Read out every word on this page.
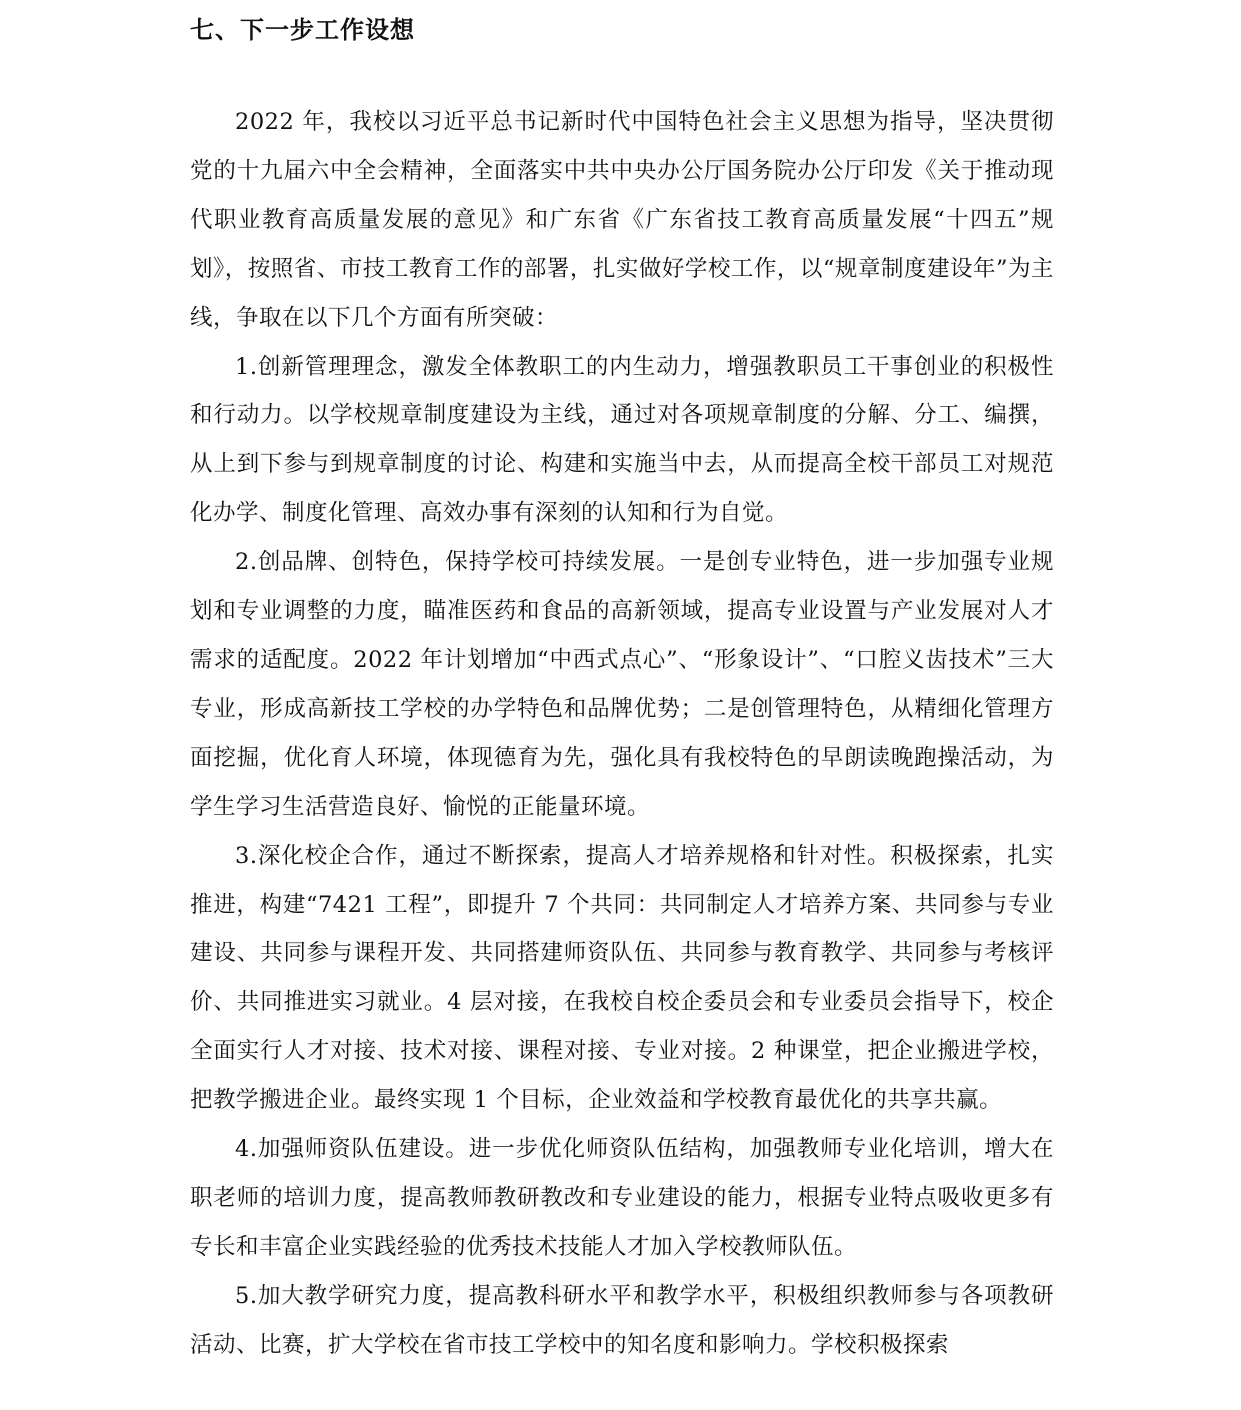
七、下一步工作设想

2022 年，我校以习近平总书记新时代中国特色社会主义思想为指导，坚决贯彻党的十九届六中全会精神，全面落实中共中央办公厅国务院办公厅印发《关于推动现代职业教育高质量发展的意见》和广东省《广东省技工教育高质量发展“十四五”规划》，按照省、市技工教育工作的部署，扎实做好学校工作，以“规章制度建设年”为主线，争取在以下几个方面有所突破：

1.创新管理理念，激发全体教职工的内生动力，增强教职员工干事创业的积极性和行动力。以学校规章制度建设为主线，通过对各项规章制度的分解、分工、编撰，从上到下参与到规章制度的讨论、构建和实施当中去，从而提高全校干部员工对规范化办学、制度化管理、高效办事有深刻的认知和行为自觉。

2.创品牌、创特色，保持学校可持续发展。一是创专业特色，进一步加强专业规划和专业调整的力度，瞄准医药和食品的高新领域，提高专业设置与产业发展对人才需求的适配度。2022 年计划增加“中西式点心”、“形象设计”、“口腔义齿技术”三大专业，形成高新技工学校的办学特色和品牌优势；二是创管理特色，从精细化管理方面挖掘，优化育人环境，体现德育为先，强化具有我校特色的早朗读晚跑操活动，为学生学习生活营造良好、愉悦的正能量环境。

3.深化校企合作，通过不断探索，提高人才培养规格和针对性。积极探索，扎实推进，构建“7421 工程”，即提升 7 个共同：共同制定人才培养方案、共同参与专业建设、共同参与课程开发、共同搭建师资队伍、共同参与教育教学、共同参与考核评价、共同推进实习就业。4 层对接，在我校自校企委员会和专业委员会指导下，校企全面实行人才对接、技术对接、课程对接、专业对接。2 种课堂，把企业搬进学校，把教学搬进企业。最终实现 1 个目标，企业效益和学校教育最优化的共享共赢。

4.加强师资队伍建设。进一步优化师资队伍结构，加强教师专业化培训，增大在职老师的培训力度，提高教师教研教改和专业建设的能力，根据专业特点吸收更多有专长和丰富企业实践经验的优秀技术技能人才加入学校教师队伍。

5.加大教学研究力度，提高教科研水平和教学水平，积极组织教师参与各项教研活动、比赛，扩大学校在省市技工学校中的知名度和影响力。学校积极探索
